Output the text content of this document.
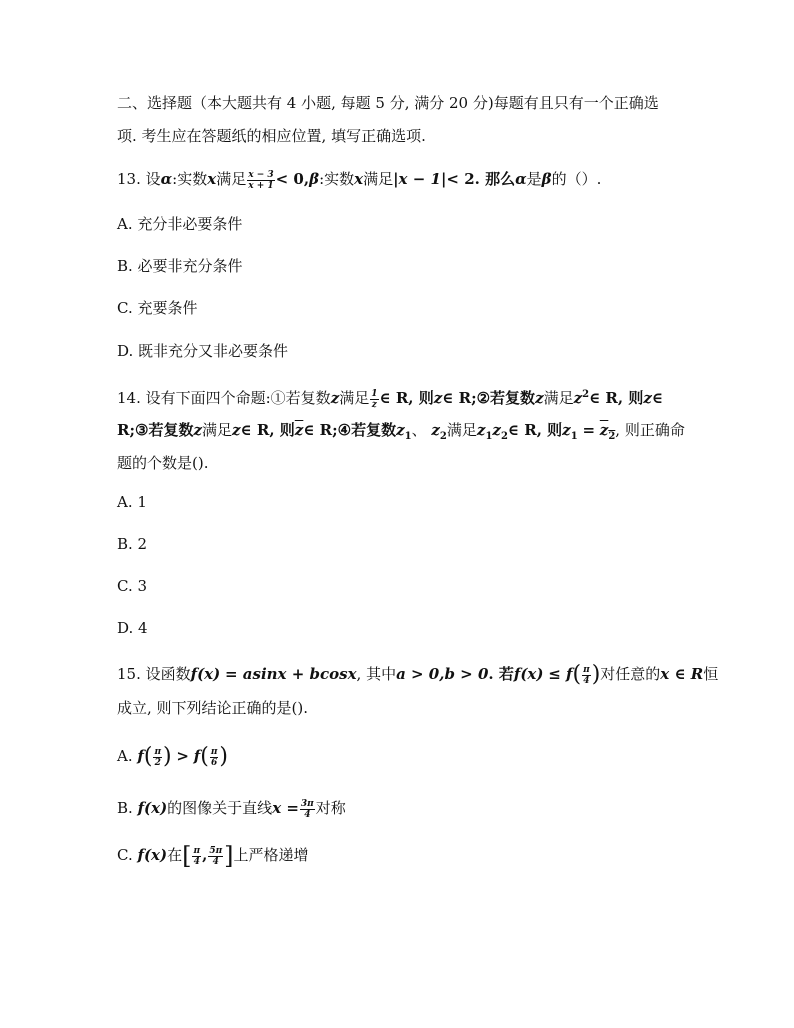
二、选择题（本大题共有 4 小题, 每题 5 分, 满分 20 分)每题有且只有一个正确选
项. 考生应在答题纸的相应位置, 填写正确选项.
13. 设α:实数x满足 $\frac{x - 3}{x + 1} < 0,\beta$:实数x满足|x − 1|< 2. 那么α是β的（）.
A. 充分非必要条件
B. 必要非充分条件
C. 充要条件
D. 既非充分又非必要条件
14. 设有下面四个命题:①若复数z满足 $\frac{1}{z}$ ∈ R, 则z∈ R;②若复数z满足$z^2\in$ R, 则z∈
R;③若复数z满足z∈ R, 则$\overline{z}\in$ R;④若复数$z_1$、 $z_2$满足$z_1z_2\in$ R, 则$z_1 = z_2$, 则正确命
题的个数是().
A. 1
B. 2
C. 3
D. 4
15. 设函数f(x) = asinx + bcosx, 其中a > 0,b > 0. 若$f(x) \le f( \frac{\pi}{4}$ )对任意的x ∈ R恒
成立, 则下列结论正确的是().
A. $f( \frac{\pi}{2}$ ) > $f( \frac{\pi}{6}$ )
B. f(x)的图像关于直线$x = \frac{3\pi}{4}$ 对称
C. f(x)在[ $\frac{\pi}{4}$ , $\frac{5\pi}{4}$ ]上严格递增
